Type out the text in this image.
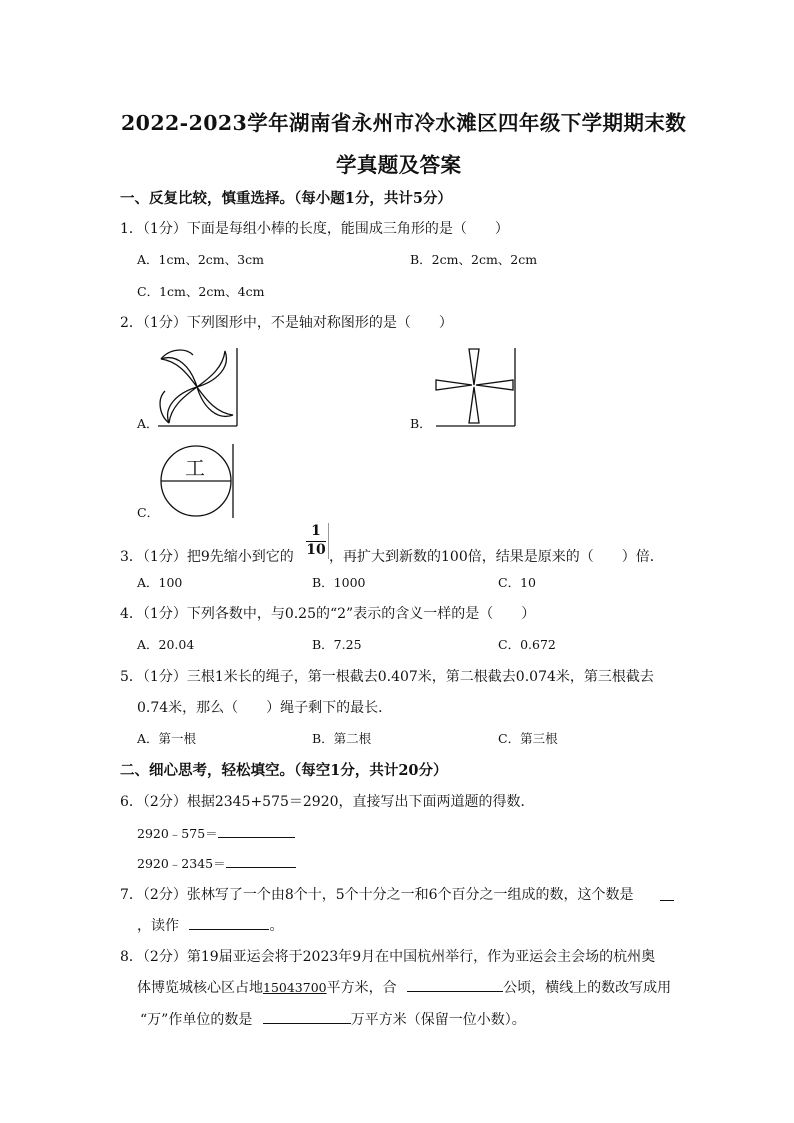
2022-2023学年湖南省永州市冷水滩区四年级下学期期末数
学真题及答案
一、反复比较，慎重选择。（每小题1分，共计5分）
1．（1分）下面是每组小棒的长度，能围成三角形的是（　　）
A．1cm、2cm、3cm	B．2cm、2cm、2cm
C．1cm、2cm、4cm
2．（1分）下列图形中，不是轴对称图形的是（　　）
A．	B．
C．
工
3．（1分）把9先缩小到它的
1
10 ，再扩大到新数的100倍，结果是原来的（　　）倍．
A．100	B．1000	C．10
4．（1分）下列各数中，与0.25的“2”表示的含义一样的是（　　）
A．20.04	B．7.25	C．0.672
5．（1分）三根1米长的绳子，第一根截去0.407米，第二根截去0.074米，第三根截去
0.74米，那么（　　）绳子剩下的最长．
A．第一根	B．第二根	C．第三根
二、细心思考，轻松填空。（每空1分，共计20分）
6．（2分）根据2345+575＝2920，直接写出下面两道题的得数．
2920﹣575＝
2920﹣2345＝
7．（2分）张林写了一个由8个十，5个十分之一和6个百分之一组成的数，这个数是
，读作	。
8．（2分）第19届亚运会将于2023年9月在中国杭州举行，作为亚运会主会场的杭州奥
体博览城核心区占地15043700平方米，合	公顷，横线上的数改写成用
“万”作单位的数是	万平方米（保留一位小数）。
